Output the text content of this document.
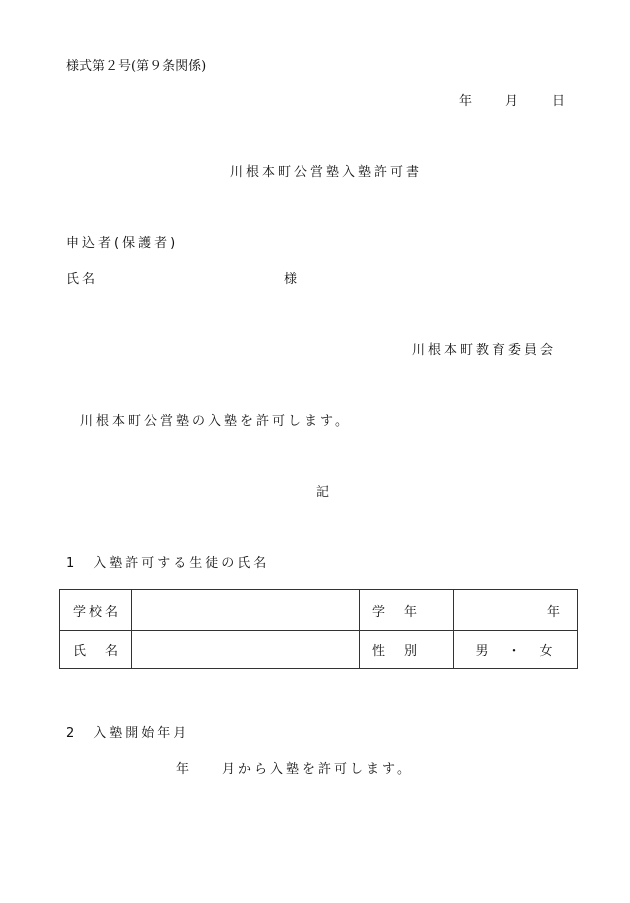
様式第２号(第９条関係)
年	月	日
川根本町公営塾入塾許可書
申込者(保護者)
氏名	様
川根本町教育委員会
川根本町公営塾の入塾を許可します。
記
1　入塾許可する生徒の氏名
学校名		学　年	年
氏　名		性　別	男　・　女
2　入塾開始年月
年	月から入塾を許可します。
